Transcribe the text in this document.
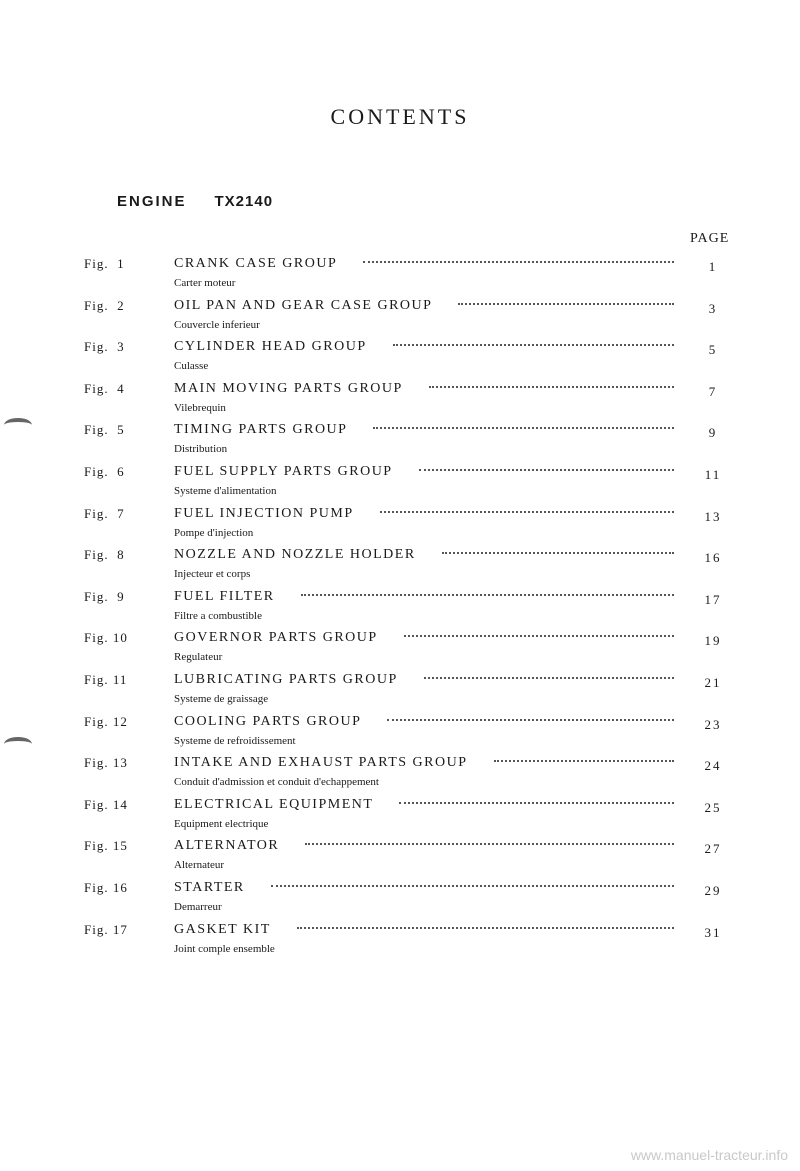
CONTENTS
ENGINE TX2140
PAGE
Fig.  1	CRANK CASE GROUP
Carter moteur
1
Fig.  2	OIL PAN AND GEAR CASE GROUP
Couvercle inferieur
3
Fig.  3	CYLINDER HEAD GROUP
Culasse
5
Fig.  4	MAIN MOVING PARTS GROUP
Vilebrequin
7
Fig.  5	TIMING PARTS GROUP
Distribution
9
Fig.  6	FUEL SUPPLY PARTS GROUP
Systeme d'alimentation
11
Fig.  7	FUEL INJECTION PUMP
Pompe d'injection
13
Fig.  8	NOZZLE AND NOZZLE HOLDER
Injecteur et corps
16
Fig.  9	FUEL FILTER
Filtre a combustible
17
Fig. 10	GOVERNOR PARTS GROUP
Regulateur
19
Fig. 11	LUBRICATING PARTS GROUP
Systeme de graissage
21
Fig. 12	COOLING PARTS GROUP
Systeme de refroidissement
23
Fig. 13	INTAKE AND EXHAUST PARTS GROUP
Conduit d'admission et conduit d'echappement
24
Fig. 14	ELECTRICAL EQUIPMENT
Equipment electrique
25
Fig. 15	ALTERNATOR
Alternateur
27
Fig. 16	STARTER
Demarreur
29
Fig. 17	GASKET KIT
Joint comple ensemble
31
www.manuel-tracteur.info
